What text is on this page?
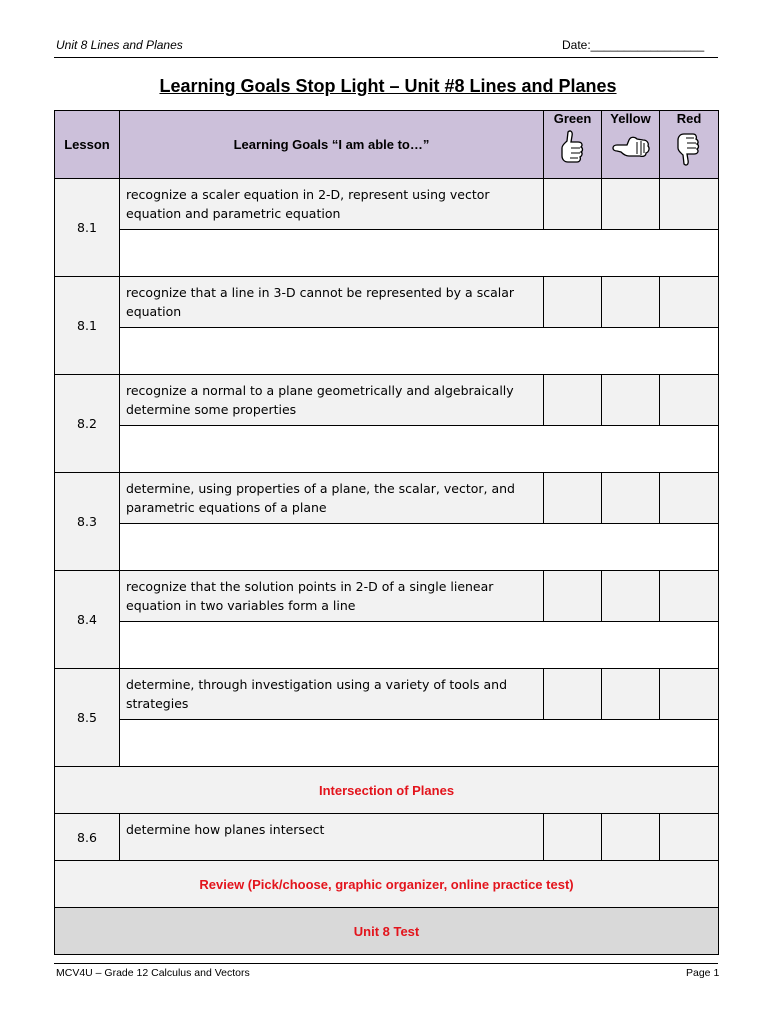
Unit 8 Lines and Planes	Date:_________________
Learning Goals Stop Light – Unit #8 Lines and Planes
Lesson	Learning Goals “I am able to…”	Green	Yellow	Red

8.1	recognize a scaler equation in 2-D, represent using vector equation and parametric equation			

8.1	recognize that a line in 3-D cannot be represented by a scalar equation			

8.2	recognize a normal to a plane geometrically and algebraically determine some properties			

8.3	determine, using properties of a plane, the scalar, vector, and parametric equations of a plane			

8.4	recognize that the solution points in 2-D of a single lienear equation in two variables form a line			

8.5	determine, through investigation using a variety of tools and strategies			

Intersection of Planes				
8.6	determine how planes intersect			
Review (Pick/choose, graphic organizer, online practice test)				
Unit 8 Test				
MCV4U – Grade 12 Calculus and Vectors	Page 1
